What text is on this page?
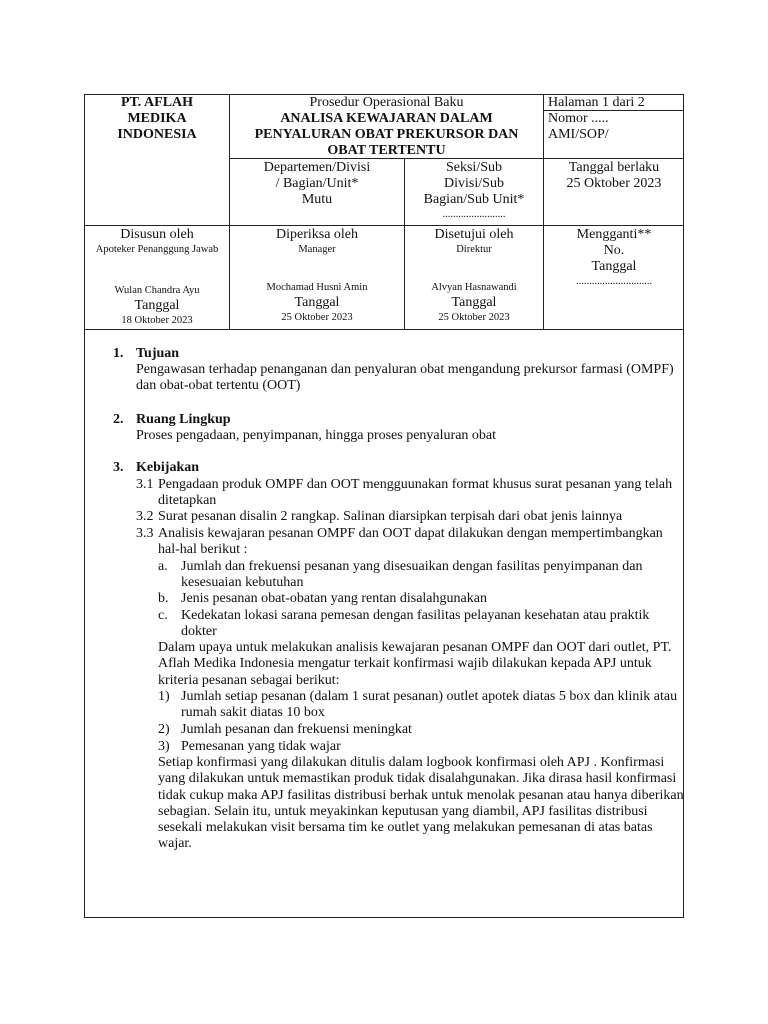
PT. AFLAH
MEDIKA
INDONESIA
Prosedur Operasional Baku
ANALISA KEWAJARAN DALAM
PENYALURAN OBAT PREKURSOR DAN
OBAT TERTENTU
Halaman 1 dari 2
Nomor .....
AMI/SOP/
Departemen/Divisi
/ Bagian/Unit*
Mutu
Seksi/Sub
Divisi/Sub
Bagian/Sub Unit*
........................
Tanggal berlaku
25 Oktober 2023
Disusun oleh
Apoteker Penanggung Jawab
Wulan Chandra Ayu
Tanggal
18 Oktober 2023
Diperiksa oleh
Manager
Mochamad Husni Amin
Tanggal
25 Oktober 2023
Disetujui oleh
Direktur
Alvyan Hasnawandi
Tanggal
25 Oktober 2023
Mengganti**
No.
Tanggal
.............................
1. Tujuan
Pengawasan terhadap penanganan dan penyaluran obat mengandung prekursor farmasi (OMPF)
dan obat-obat tertentu (OOT)
2. Ruang Lingkup
Proses pengadaan, penyimpanan, hingga proses penyaluran obat
3. Kebijakan
3.1 Pengadaan produk OMPF dan OOT mengguunakan format khusus surat pesanan yang telah
ditetapkan
3.2 Surat pesanan disalin 2 rangkap. Salinan diarsipkan terpisah dari obat jenis lainnya
3.3 Analisis kewajaran pesanan OMPF dan OOT dapat dilakukan dengan mempertimbangkan
hal-hal berikut :
a. Jumlah dan frekuensi pesanan yang disesuaikan dengan fasilitas penyimpanan dan
kesesuaian kebutuhan
b. Jenis pesanan obat-obatan yang rentan disalahgunakan
c. Kedekatan lokasi sarana pemesan dengan fasilitas pelayanan kesehatan atau praktik
dokter
Dalam upaya untuk melakukan analisis kewajaran pesanan OMPF dan OOT dari outlet, PT.
Aflah Medika Indonesia mengatur terkait konfirmasi wajib dilakukan kepada APJ untuk
kriteria pesanan sebagai berikut:
1) Jumlah setiap pesanan (dalam 1 surat pesanan) outlet apotek diatas 5 box dan klinik atau
rumah sakit diatas 10 box
2) Jumlah pesanan dan frekuensi meningkat
3) Pemesanan yang tidak wajar
Setiap konfirmasi yang dilakukan ditulis dalam logbook konfirmasi oleh APJ . Konfirmasi
yang dilakukan untuk memastikan produk tidak disalahgunakan. Jika dirasa hasil konfirmasi
tidak cukup maka APJ fasilitas distribusi berhak untuk menolak pesanan atau hanya diberikan
sebagian. Selain itu, untuk meyakinkan keputusan yang diambil, APJ fasilitas distribusi
sesekali melakukan visit bersama tim ke outlet yang melakukan pemesanan di atas batas
wajar.
